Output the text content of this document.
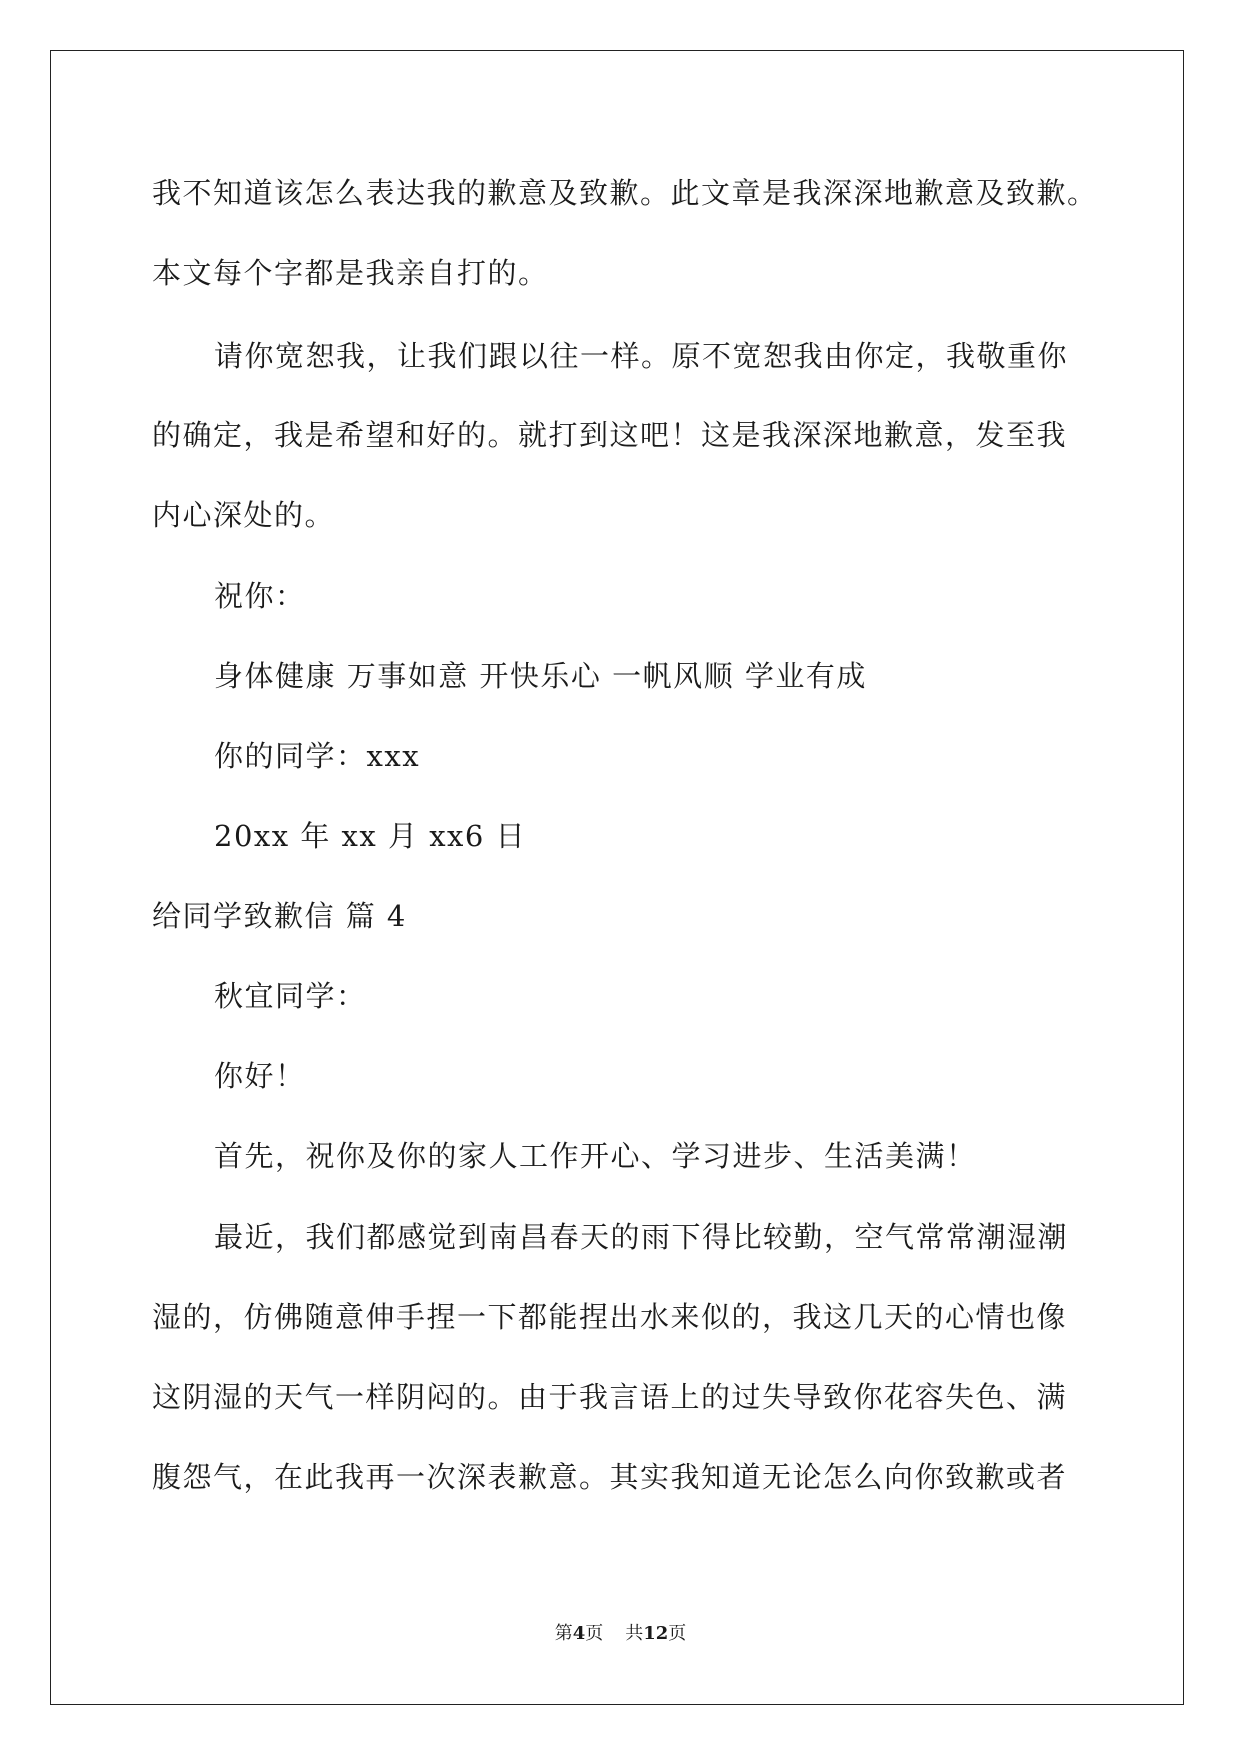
我不知道该怎么表达我的歉意及致歉。此文章是我深深地歉意及致歉。
本文每个字都是我亲自打的。
请你宽恕我，让我们跟以往一样。原不宽恕我由你定，我敬重你
的确定，我是希望和好的。就打到这吧！这是我深深地歉意，发至我
内心深处的。
祝你：
身体健康 万事如意 开快乐心 一帆风顺 学业有成
你的同学：xxx
20xx 年 xx 月 xx6 日
给同学致歉信 篇 4
秋宜同学：
你好！
首先，祝你及你的家人工作开心、学习进步、生活美满！
最近，我们都感觉到南昌春天的雨下得比较勤，空气常常潮湿潮
湿的，仿佛随意伸手捏一下都能捏出水来似的，我这几天的心情也像
这阴湿的天气一样阴闷的。由于我言语上的过失导致你花容失色、满
腹怨气，在此我再一次深表歉意。其实我知道无论怎么向你致歉或者
第4页 共12页
